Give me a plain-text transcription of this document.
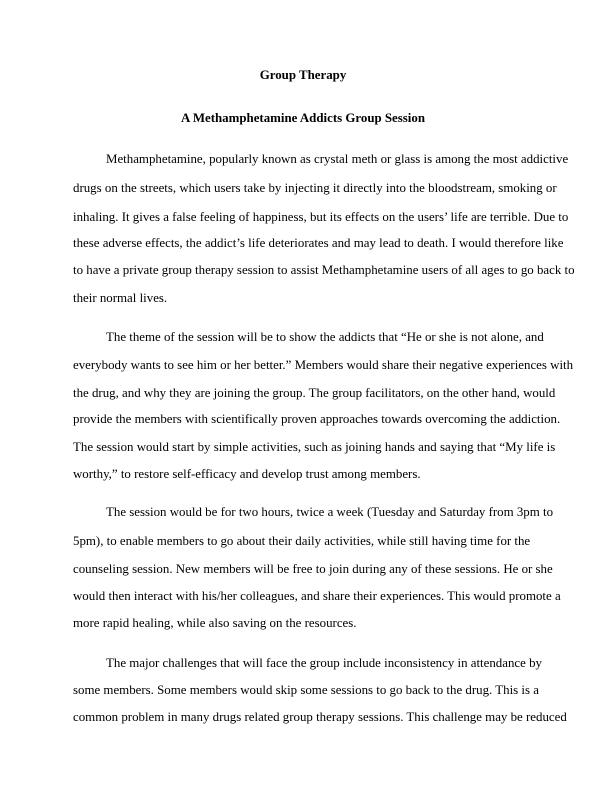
Group Therapy
A Methamphetamine Addicts Group Session
Methamphetamine, popularly known as crystal meth or glass is among the most addictive
drugs on the streets, which users take by injecting it directly into the bloodstream, smoking or
inhaling. It gives a false feeling of happiness, but its effects on the users’ life are terrible. Due to
these adverse effects, the addict’s life deteriorates and may lead to death. I would therefore like
to have a private group therapy session to assist Methamphetamine users of all ages to go back to
their normal lives.
The theme of the session will be to show the addicts that “He or she is not alone, and
everybody wants to see him or her better.” Members would share their negative experiences with
the drug, and why they are joining the group. The group facilitators, on the other hand, would
provide the members with scientifically proven approaches towards overcoming the addiction.
The session would start by simple activities, such as joining hands and saying that “My life is
worthy,” to restore self-efficacy and develop trust among members.
The session would be for two hours, twice a week (Tuesday and Saturday from 3pm to
5pm), to enable members to go about their daily activities, while still having time for the
counseling session. New members will be free to join during any of these sessions. He or she
would then interact with his/her colleagues, and share their experiences. This would promote a
more rapid healing, while also saving on the resources.
The major challenges that will face the group include inconsistency in attendance by
some members. Some members would skip some sessions to go back to the drug. This is a
common problem in many drugs related group therapy sessions. This challenge may be reduced
